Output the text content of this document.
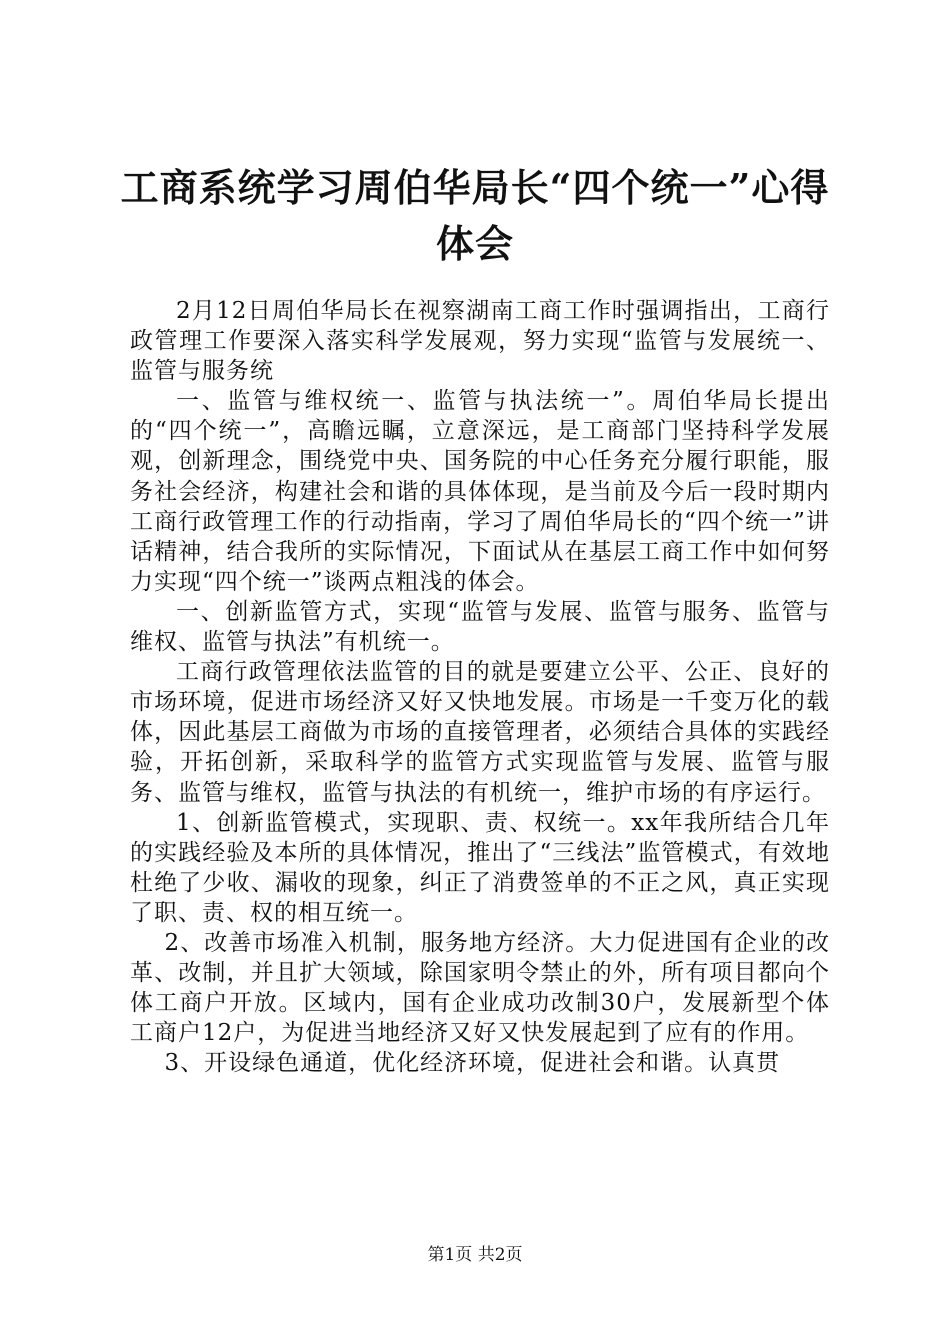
工商系统学习周伯华局长“四个统一”心得体会

2月12日周伯华局长在视察湖南工商工作时强调指出，工商行政管理工作要深入落实科学发展观，努力实现“监管与发展统一、监管与服务统

一、监管与维权统一、监管与执法统一”。周伯华局长提出的“四个统一”，高瞻远瞩，立意深远，是工商部门坚持科学发展观，创新理念，围绕党中央、国务院的中心任务充分履行职能，服务社会经济，构建社会和谐的具体体现，是当前及今后一段时期内工商行政管理工作的行动指南，学习了周伯华局长的“四个统一”讲话精神，结合我所的实际情况，下面试从在基层工商工作中如何努力实现“四个统一”谈两点粗浅的体会。

一、创新监管方式，实现“监管与发展、监管与服务、监管与维权、监管与执法”有机统一。

工商行政管理依法监管的目的就是要建立公平、公正、良好的市场环境，促进市场经济又好又快地发展。市场是一千变万化的载体，因此基层工商做为市场的直接管理者，必须结合具体的实践经验，开拓创新，采取科学的监管方式实现监管与发展、监管与服务、监管与维权，监管与执法的有机统一，维护市场的有序运行。

1、创新监管模式，实现职、责、权统一。xx年我所结合几年的实践经验及本所的具体情况，推出了“三线法”监管模式，有效地杜绝了少收、漏收的现象，纠正了消费签单的不正之风，真正实现了职、责、权的相互统一。

2、改善市场准入机制，服务地方经济。大力促进国有企业的改革、改制，并且扩大领域，除国家明令禁止的外，所有项目都向个体工商户开放。区域内，国有企业成功改制30户，发展新型个体工商户12户，为促进当地经济又好又快发展起到了应有的作用。

3、开设绿色通道，优化经济环境，促进社会和谐。认真贯

第1页 共2页
